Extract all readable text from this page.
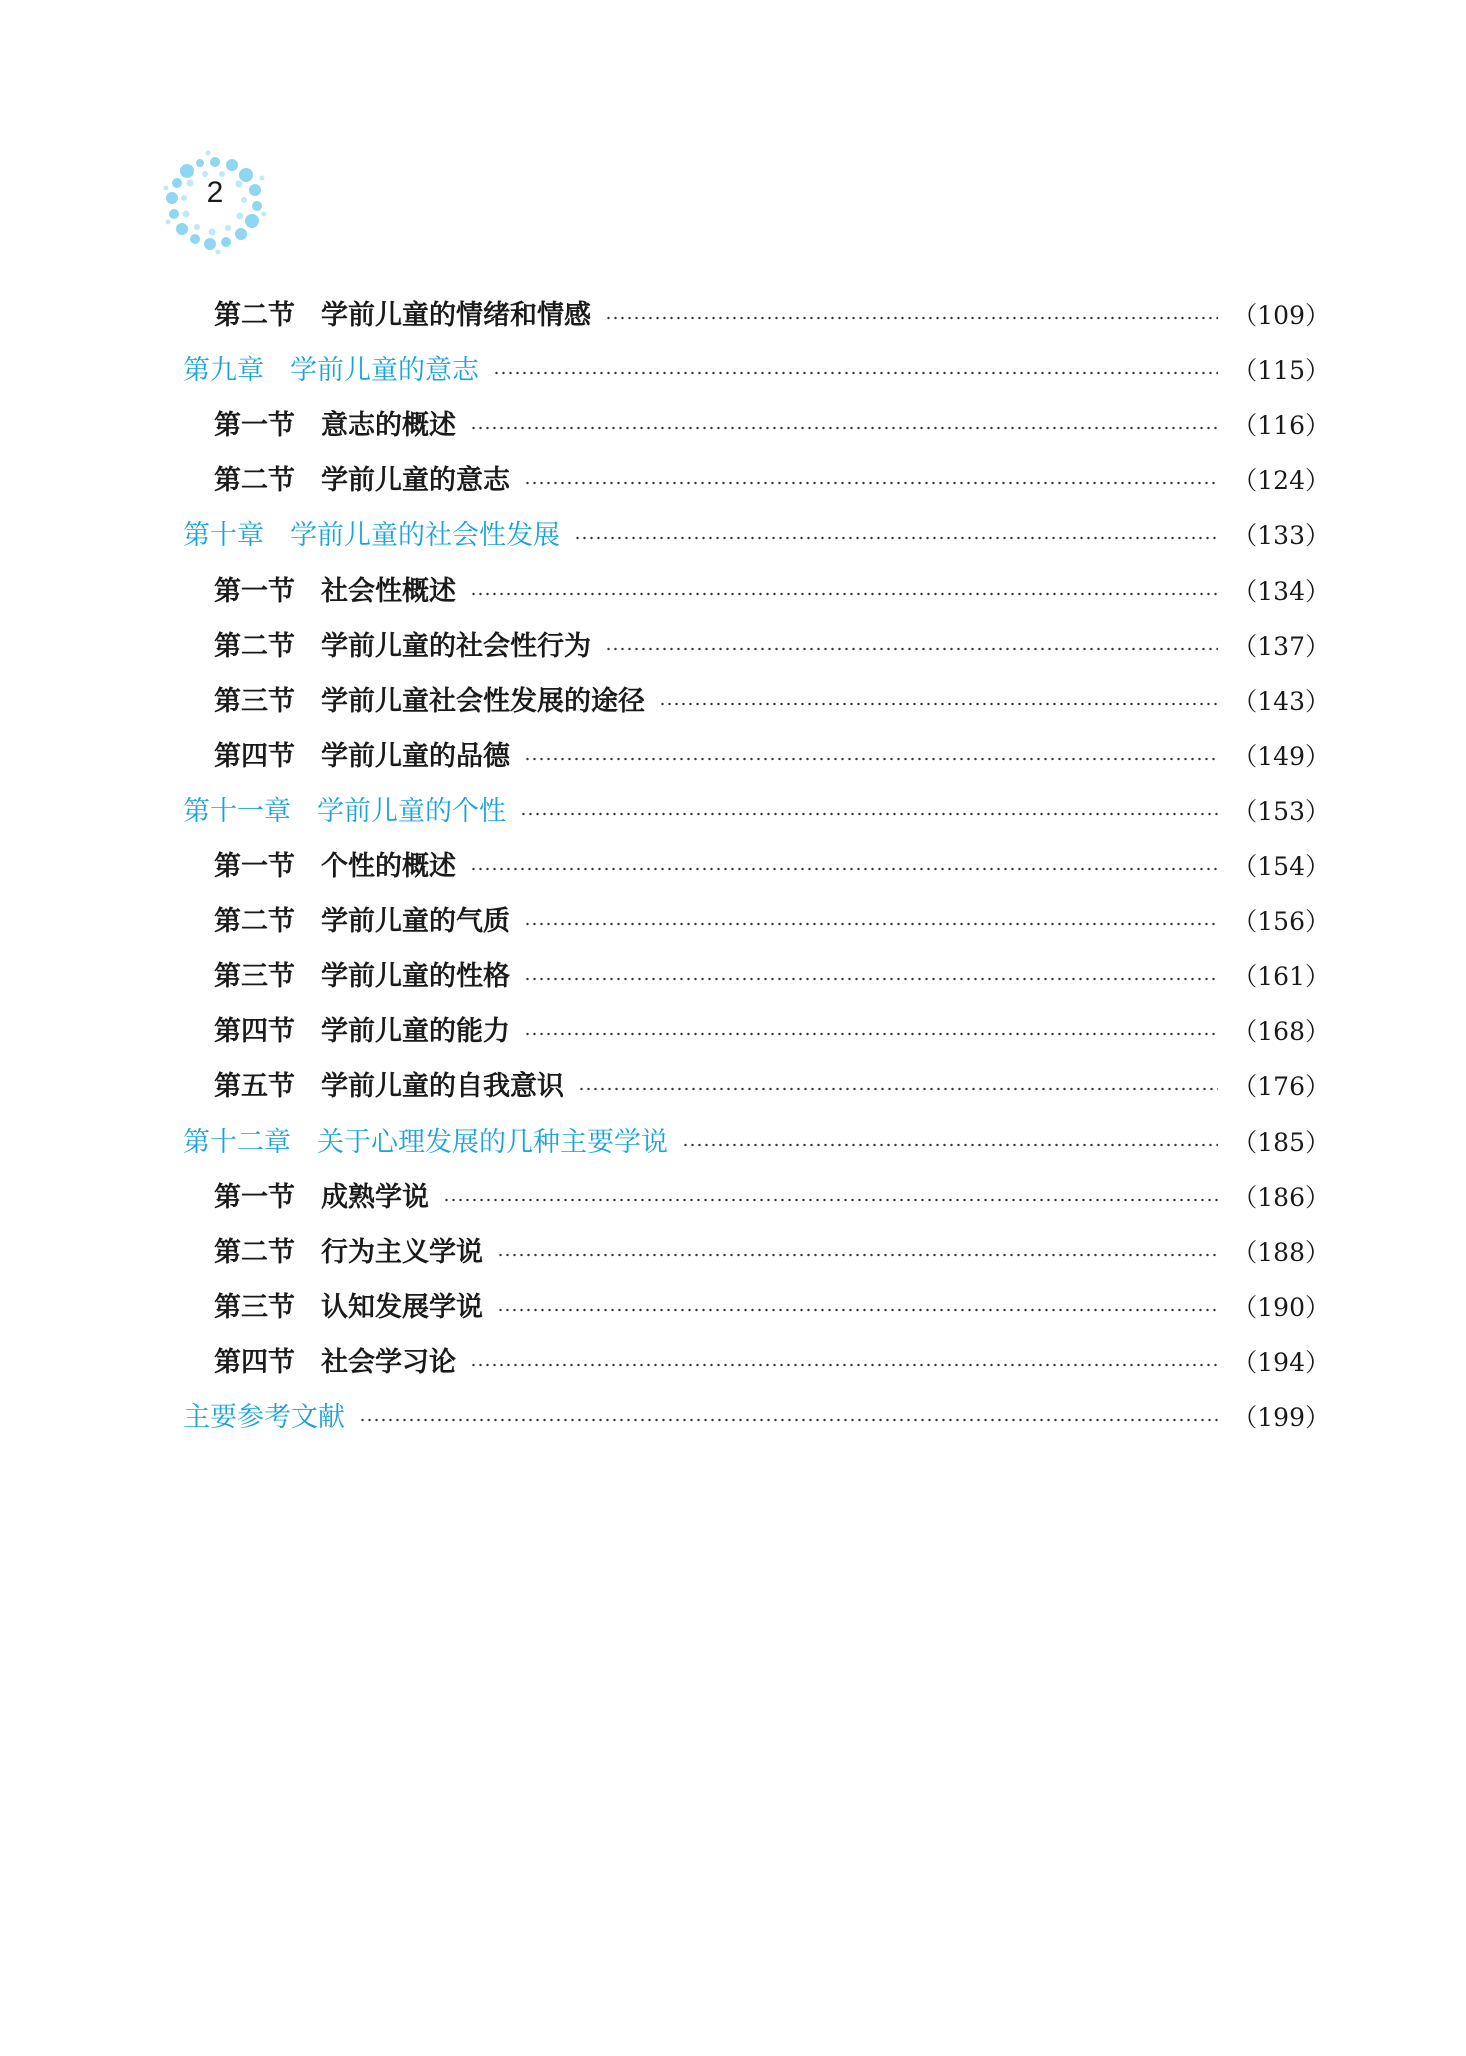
2
第二节 学前儿童的情绪和情感	（109）
第九章 学前儿童的意志	（115）
第一节 意志的概述	（116）
第二节 学前儿童的意志	（124）
第十章 学前儿童的社会性发展	（133）
第一节 社会性概述	（134）
第二节 学前儿童的社会性行为	（137）
第三节 学前儿童社会性发展的途径	（143）
第四节 学前儿童的品德	（149）
第十一章 学前儿童的个性	（153）
第一节 个性的概述	（154）
第二节 学前儿童的气质	（156）
第三节 学前儿童的性格	（161）
第四节 学前儿童的能力	（168）
第五节 学前儿童的自我意识	（176）
第十二章 关于心理发展的几种主要学说	（185）
第一节 成熟学说	（186）
第二节 行为主义学说	（188）
第三节 认知发展学说	（190）
第四节 社会学习论	（194）
主要参考文献	（199）
